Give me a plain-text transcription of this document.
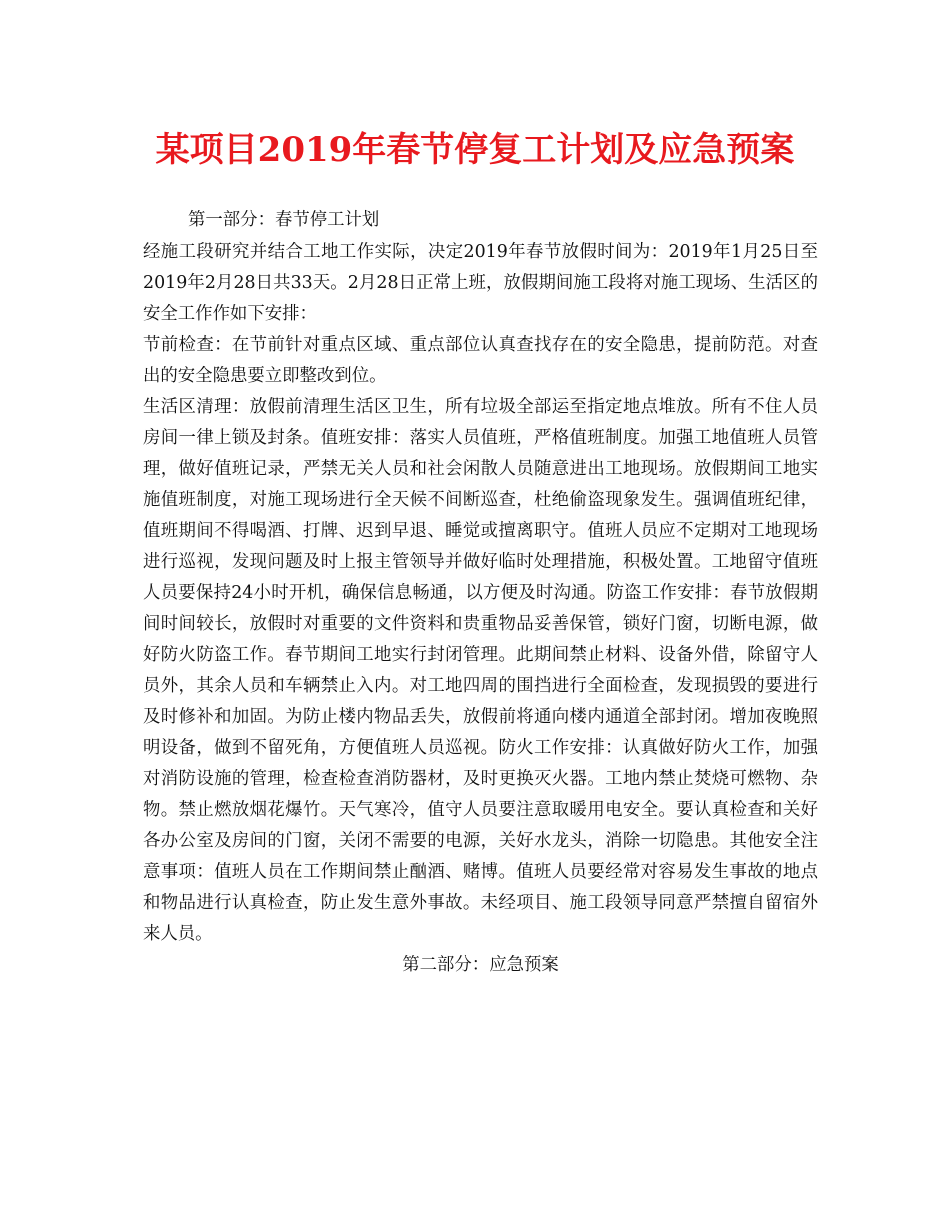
某项目2019年春节停复工计划及应急预案

第一部分：春节停工计划

经施工段研究并结合工地工作实际，决定2019年春节放假时间为：2019年1月25日至2019年2月28日共33天。2月28日正常上班，放假期间施工段将对施工现场、生活区的安全工作作如下安排：

节前检查：在节前针对重点区域、重点部位认真查找存在的安全隐患，提前防范。对查出的安全隐患要立即整改到位。

生活区清理：放假前清理生活区卫生，所有垃圾全部运至指定地点堆放。所有不住人员房间一律上锁及封条。值班安排：落实人员值班，严格值班制度。加强工地值班人员管理，做好值班记录，严禁无关人员和社会闲散人员随意进出工地现场。放假期间工地实施值班制度，对施工现场进行全天候不间断巡查，杜绝偷盗现象发生。强调值班纪律，值班期间不得喝酒、打牌、迟到早退、睡觉或擅离职守。值班人员应不定期对工地现场进行巡视，发现问题及时上报主管领导并做好临时处理措施，积极处置。工地留守值班人员要保持24小时开机，确保信息畅通，以方便及时沟通。防盗工作安排：春节放假期间时间较长，放假时对重要的文件资料和贵重物品妥善保管，锁好门窗，切断电源，做好防火防盗工作。春节期间工地实行封闭管理。此期间禁止材料、设备外借，除留守人员外，其余人员和车辆禁止入内。对工地四周的围挡进行全面检查，发现损毁的要进行及时修补和加固。为防止楼内物品丢失，放假前将通向楼内通道全部封闭。增加夜晚照明设备，做到不留死角，方便值班人员巡视。防火工作安排：认真做好防火工作，加强对消防设施的管理，检查检查消防器材，及时更换灭火器。工地内禁止焚烧可燃物、杂物。禁止燃放烟花爆竹。天气寒冷，值守人员要注意取暖用电安全。要认真检查和关好各办公室及房间的门窗，关闭不需要的电源，关好水龙头，消除一切隐患。其他安全注意事项：值班人员在工作期间禁止酗酒、赌博。值班人员要经常对容易发生事故的地点和物品进行认真检查，防止发生意外事故。未经项目、施工段领导同意严禁擅自留宿外来人员。

第二部分：应急预案
